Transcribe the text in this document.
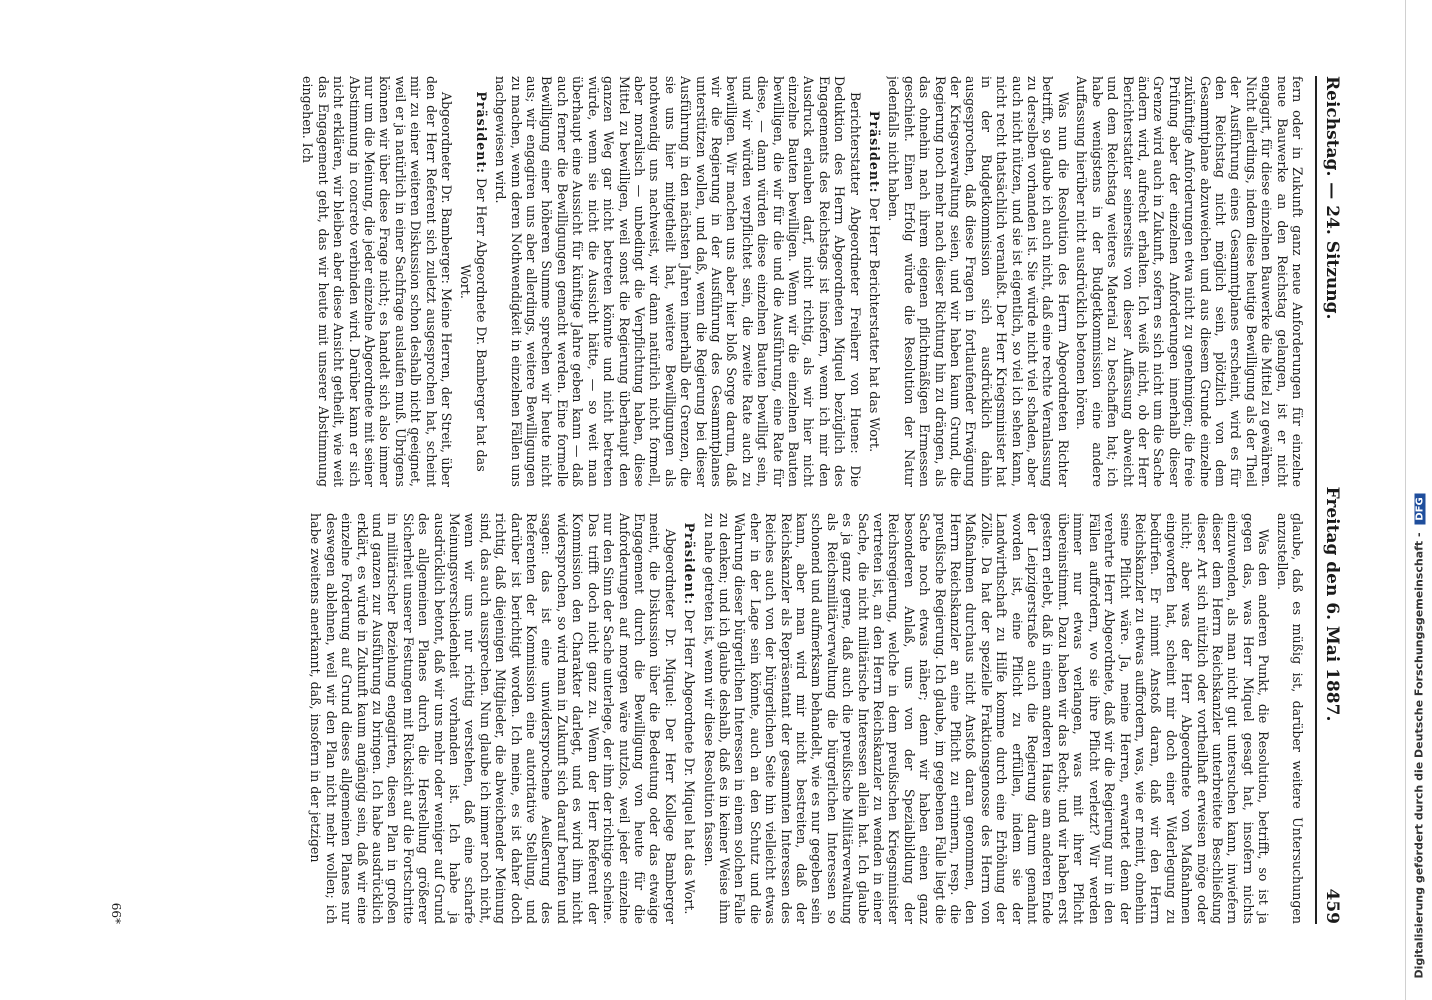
Reichstag. — 24. Sitzung.
Freitag den 6. Mai 1887.
459

fern oder in Zukunft ganz neue Anforderungen für einzelne neue Bauwerke an den Reichstag gelangen, ist er nicht engagirt, für diese einzelnen Bauwerke die Mittel zu gewähren. Nicht allerdings, indem diese heutige Bewilligung als der Theil der Ausführung eines Gesammtplanes erscheint, wird es für den Reichstag nicht möglich sein, plötzlich von dem Gesammtplane abzuweichen und aus diesem Grunde einzelne zukünftige Anforderungen etwa nicht zu genehmigen; die freie Prüfung aber der einzelnen Anforderungen innerhalb dieser Grenze wird auch in Zukunft, sofern es sich nicht um die Sache ändern wird, aufrecht erhalten. Ich weiß nicht, ob der Herr Berichterstatter seinerseits von dieser Auffassung abweicht und dem Reichstag weiteres Material zu beschaffen hat; ich habe wenigstens in der Budgetkommission eine andere Auffassung hierüber nicht ausdrücklich betonen hören.

Was nun die Resolution des Herrn Abgeordneten Richter betrifft, so glaube ich auch nicht, daß eine rechte Veranlassung zu derselben vorhanden ist. Sie würde nicht viel schaden, aber auch nicht nützen, und sie ist eigentlich, so viel ich sehen kann, nicht recht thatsächlich veranlaßt. Der Herr Kriegsminister hat in der Budgetkommission sich ausdrücklich dahin ausgesprochen, daß diese Fragen in fortlaufender Erwägung der Kriegsverwaltung seien, und wir haben kaum Grund, die Regierung noch mehr nach dieser Richtung hin zu drängen, als das ohnehin nach ihrem eigenen pflichtmäßigen Ermessen geschieht. Einen Erfolg würde die Resolution der Natur jedenfalls nicht haben.

Präsident: Der Herr Berichterstatter hat das Wort.

Berichterstatter Abgeordneter Freiherr von Huene: Die Deduktion des Herrn Abgeordneten Miquel bezüglich des Engagements des Reichstags ist insofern, wenn ich mir den Ausdruck erlauben darf, nicht richtig, als wir hier nicht einzelne Bauten bewilligen. Wenn wir die einzelnen Bauten bewilligen, die wir für die und die Ausführung, eine Rate für diese, — dann würden diese einzelnen Bauten bewilligt sein, und wir würden verpflichtet sein, die zweite Rate auch zu bewilligen. Wir machen uns aber hier bloß Sorge darum, daß wir die Regierung in der Ausführung des Gesammtplanes unterstützen wollen, und daß, wenn die Regierung bei dieser Ausführung in den nächsten Jahren innerhalb der Grenzen, die sie uns hier mitgetheilt hat, weitere Bewilligungen als nothwendig uns nachweist, wir dann natürlich nicht formell, aber moralisch — unbedingt die Verpflichtung haben, diese Mittel zu bewilligen, weil sonst die Regierung überhaupt den ganzen Weg gar nicht betreten könnte und nicht betreten würde, wenn sie nicht die Aussicht hätte, — so weit man überhaupt eine Aussicht für künftige Jahre geben kann — daß auch ferner die Bewilligungen gemacht werden. Eine formelle Bewilligung einer höheren Summe sprechen wir heute nicht aus; wir engagiren uns aber allerdings, weitere Bewilligungen zu machen, wenn deren Nothwendigkeit in einzelnen Fällen uns nachgewiesen wird.

Präsident: Der Herr Abgeordnete Dr. Bamberger hat das Wort.

Abgeordneter Dr. Bamberger: Meine Herren, der Streit, über den der Herr Referent sich zuletzt ausgesprochen hat, scheint mir zu einer weiteren Diskussion schon deshalb nicht geeignet, weil er ja natürlich in einer Sachfrage auslaufen muß. Übrigens können wir über diese Frage nicht; es handelt sich also immer nur um die Meinung, die jeder einzelne Abgeordnete mit seiner Abstimmung in concreto verbinden wird. Darüber kann er sich nicht erklären, wir bleiben aber diese Ansicht getheilt, wie weit das Engagement geht, das wir heute mit unserer Abstimmung eingehen. Ich

glaube, daß es müßig ist, darüber weitere Untersuchungen anzustellen.

Was den anderen Punkt, die Resolution, betrifft, so ist ja gegen das, was Herr Miquel gesagt hat, insofern nichts einzuwenden, als man nicht gut untersuchen kann, inwiefern dieser dem Herrn Reichskanzler unterbreitete Beschließung dieser Art sich nützlich oder vortheilhaft erweisen möge oder nicht; aber was der Herr Abgeordnete von Maßnahmen eingeworfen hat, scheint mir doch einer Widerlegung zu bedürfen. Er nimmt Anstoß daran, daß wir den Herrn Reichskanzler zu etwas auffordern, was, wie er meint, ohnehin seine Pflicht wäre. Ja, meine Herren, erwartet denn der verehrte Herr Abgeordnete, daß wir die Regierung nur in den Fällen auffordern, wo sie ihre Pflicht verletzt? Wir werden immer nur etwas verlangen, was mit ihrer Pflicht übereinstimmt. Dazu haben wir das Recht; und wir haben erst gestern erlebt, daß in einem anderen Hause am anderen Ende der Leipzigerstraße auch die Regierung darum gemahnt worden ist, eine Pflicht zu erfüllen, indem sie der Landwirthschaft zu Hilfe komme durch eine Erhöhung der Zölle. Da hat der spezielle Fraktionsgenosse des Herrn von Maßnahmen durchaus nicht Anstoß daran genommen, den Herrn Reichskanzler an eine Pflicht zu erinnern, resp. die preußische Regierung. Ich glaube, im gegebenen Falle liegt die Sache noch etwas näher; denn wir haben einen ganz besonderen Anlaß, uns von der Spezialbildung der Reichsregierung, welche in dem preußischen Kriegsminister vertreten ist, an den Herrn Reichskanzler zu wenden in einer Sache, die nicht militärische Interessen allein hat. Ich glaube es ja ganz gerne, daß auch die preußische Militärverwaltung als Reichsmilitärverwaltung die bürgerlichen Interessen so schonend und aufmerksam behandelt, wie es nur gegeben sein kann, aber man wird mir nicht bestreiten, daß der Reichskanzler als Repräsentant der gesammten Interessen des Reiches auch von der bürgerlichen Seite hin vielleicht etwas eher in der Lage sein könnte, auch an den Schutz und die Wahrung dieser bürgerlichen Interessen in einem solchen Falle zu denken; und ich glaube deshalb, daß es in keiner Weise ihm zu nahe getreten ist, wenn wir diese Resolution fassen.

Präsident: Der Herr Abgeordnete Dr. Miquel hat das Wort.

Abgeordneter Dr. Miquel: Der Herr Kollege Bamberger meint, die Diskussion über die Bedeutung oder das etwaige Engagement durch die Bewilligung von heute für die Anforderungen auf morgen wäre nutzlos, weil jeder einzelne nur den Sinn der Sache unterlege, der ihm der richtige scheine. Das trifft doch nicht ganz zu. Wenn der Herr Referent der Kommission den Charakter darlegt, und es wird ihm nicht widersprochen, so wird man in Zukunft sich darauf berufen und sagen: das ist eine unwidersprochene Aeußerung des Referenten der Kommission eine autoritative Stellung, und darüber ist berichtigt worden. Ich meine, es ist daher doch richtig, daß diejenigen Mitglieder, die abweichender Meinung sind, das auch aussprechen. Nun glaube ich immer noch nicht, wenn wir uns nur richtig verstehen, daß eine scharfe Meinungsverschiedenheit vorhanden ist. Ich habe ja ausdrücklich betont, daß wir uns mehr oder weniger auf Grund des allgemeinen Planes durch die Herstellung größerer Sicherheit unserer Festungen mit Rücksicht auf die Fortschritte in militärischer Beziehung engagirten, diesen Plan in großen und ganzen zur Ausführung zu bringen. Ich habe ausdrücklich erklärt, es würde in Zukunft kaum angängig sein, daß wir eine einzelne Forderung auf Grund dieses allgemeinen Planes nur deswegen ablehnen, weil wir den Plan nicht mehr wollen; ich habe zweitens anerkannt, daß, insofern in der jetzigen

66*	Digitalisierung gefördert durch die Deutsche Forschungsgemeinschaft - DFG
